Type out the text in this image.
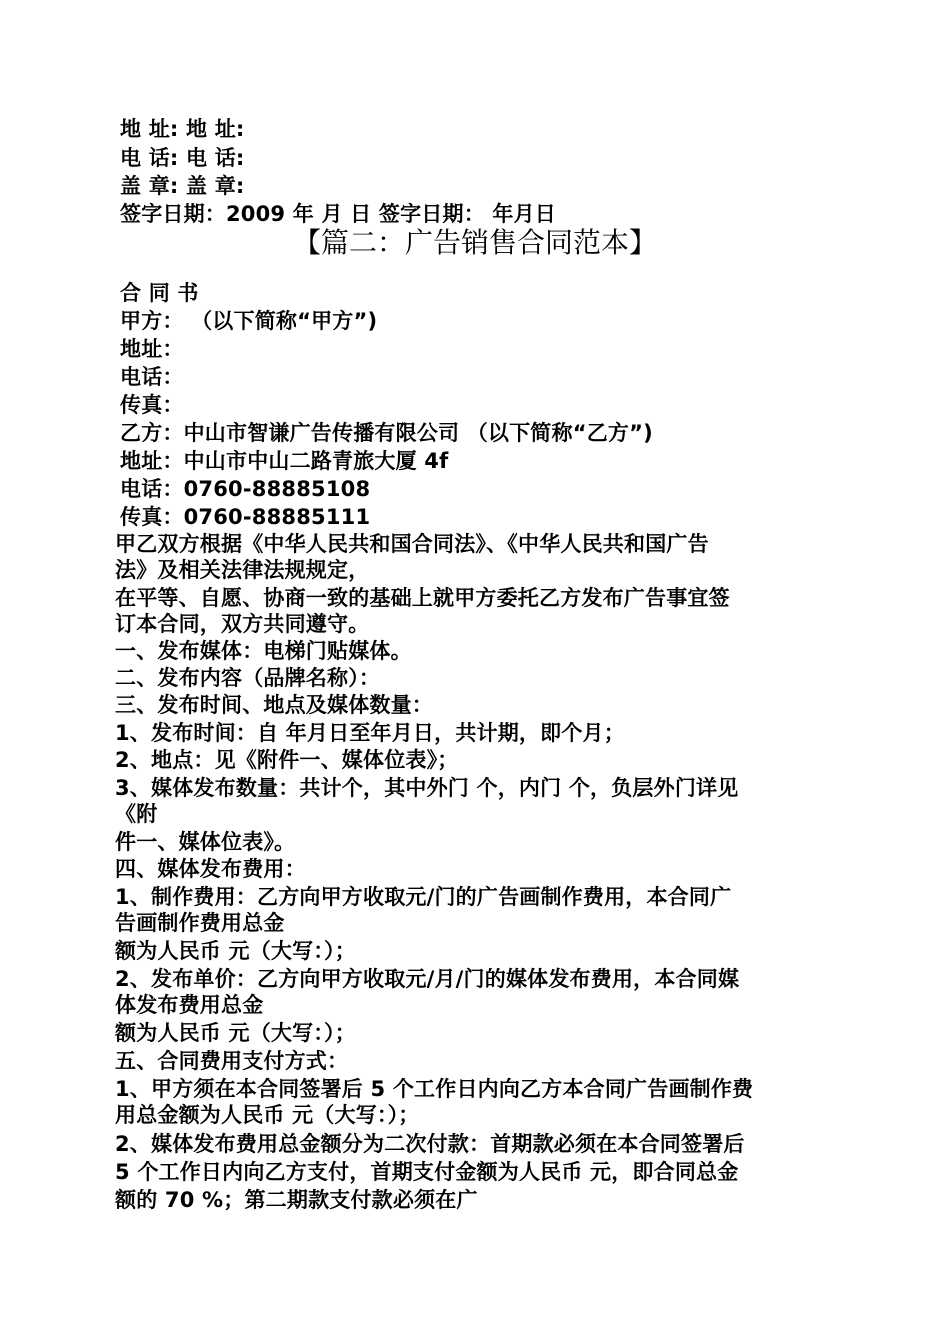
地 址: 地 址:
电 话: 电 话:
盖 章: 盖 章:
签字日期：2009 年 月 日 签字日期： 年月日
【篇二：广告销售合同范本】
合 同 书
甲方： （以下简称“甲方”)
地址：
电话：
传真：
乙方：中山市智谦广告传播有限公司 （以下简称“乙方”)
地址：中山市中山二路青旅大厦 4f
电话：0760-88885108
传真：0760-88885111
甲乙双方根据《中华人民共和国合同法》、《中华人民共和国广告
法》及相关法律法规规定，
在平等、自愿、协商一致的基础上就甲方委托乙方发布广告事宜签
订本合同，双方共同遵守。
一、发布媒体：电梯门贴媒体。
二、发布内容（品牌名称）：
三、发布时间、地点及媒体数量：
1、发布时间：自 年月日至年月日，共计期，即个月；
2、地点：见《附件一、媒体位表》；
3、媒体发布数量：共计个，其中外门 个，内门 个，负层外门详见
《附
件一、媒体位表》。
四、媒体发布费用：
1、制作费用：乙方向甲方收取元/门的广告画制作费用，本合同广
告画制作费用总金
额为人民币 元（大写：）；
2、发布单价：乙方向甲方收取元/月/门的媒体发布费用，本合同媒
体发布费用总金
额为人民币 元（大写：）；
五、合同费用支付方式：
1、甲方须在本合同签署后 5 个工作日内向乙方本合同广告画制作费
用总金额为人民币 元（大写：）；
2、媒体发布费用总金额分为二次付款：首期款必须在本合同签署后
5 个工作日内向乙方支付，首期支付金额为人民币 元，即合同总金
额的 70 %；第二期款支付款必须在广
